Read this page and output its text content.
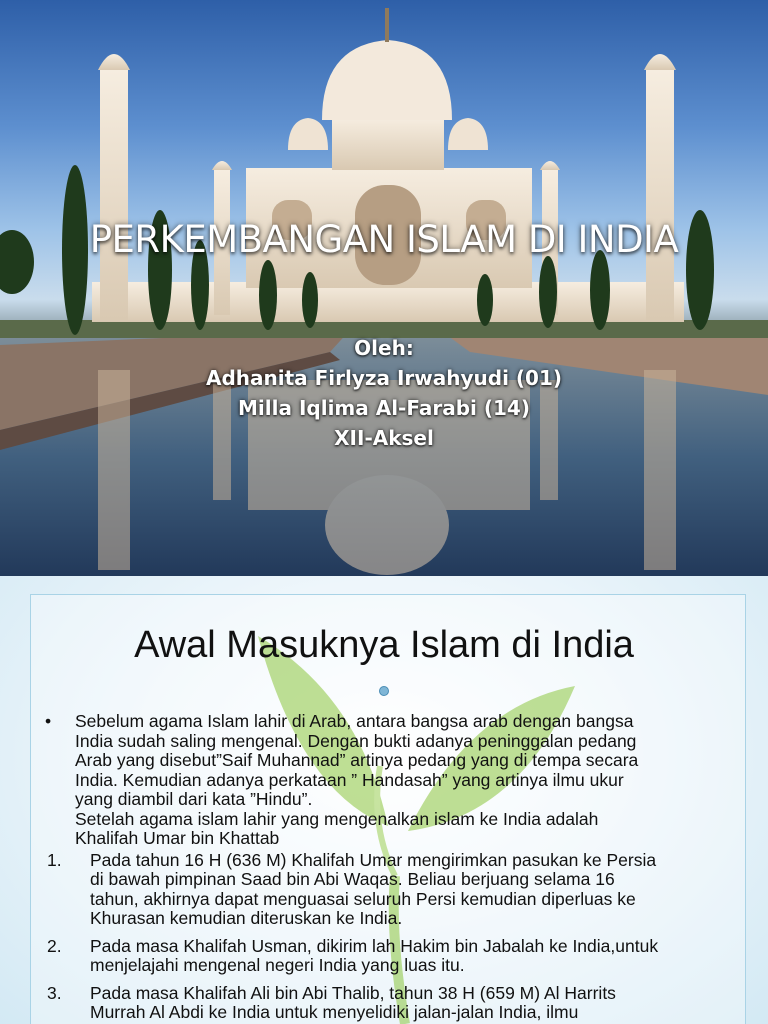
PERKEMBANGAN ISLAM DI INDIA
Oleh:
Adhanita Firlyza Irwahyudi (01)
Milla Iqlima Al-Farabi (14)
XII-Aksel
Awal Masuknya Islam di India
• Sebelum agama Islam lahir di Arab, antara bangsa arab dengan bangsa
India sudah saling mengenal. Dengan bukti adanya peninggalan pedang
Arab yang disebut”Saif Muhannad” artinya pedang yang di tempa secara
India. Kemudian adanya perkataan ” Handasah” yang artinya ilmu ukur
yang diambil dari kata ”Hindu”.
Setelah agama islam lahir yang mengenalkan islam ke India adalah
Khalifah Umar bin Khattab
1. Pada tahun 16 H (636 M) Khalifah Umar mengirimkan pasukan ke Persia
di bawah pimpinan Saad bin Abi Waqas. Beliau berjuang selama 16
tahun, akhirnya dapat menguasai seluruh Persi kemudian diperluas ke
Khurasan kemudian diteruskan ke India.
2. Pada masa Khalifah Usman, dikirim lah Hakim bin Jabalah ke India,untuk
menjelajahi mengenal negeri India yang luas itu.
3. Pada masa Khalifah Ali bin Abi Thalib, tahun 38 H (659 M) Al Harrits
Murrah Al Abdi ke India untuk menyelidiki jalan-jalan India, ilmu
